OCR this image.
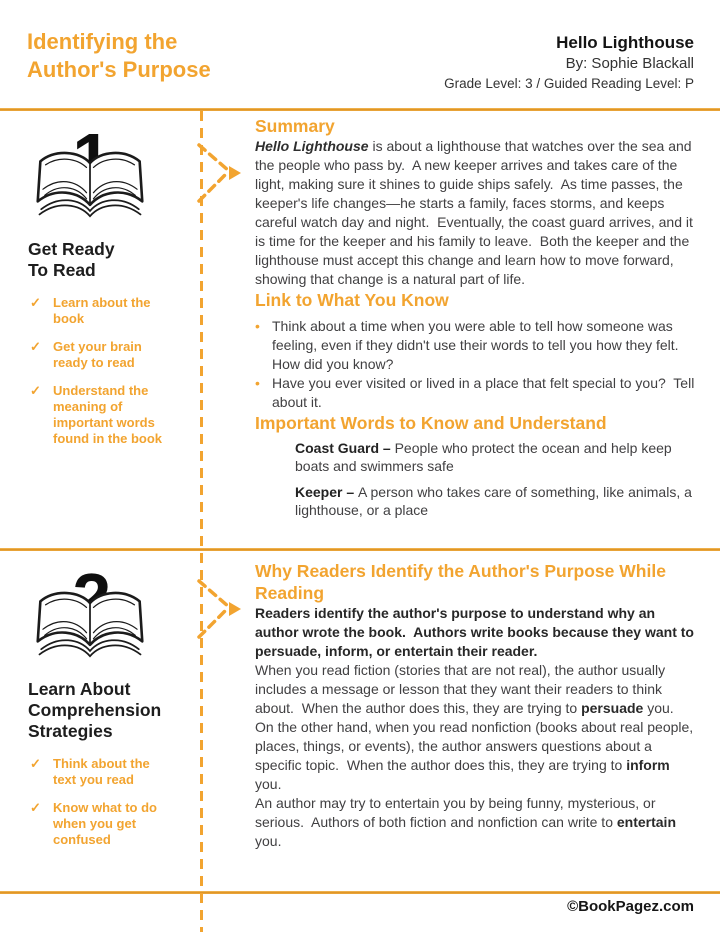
Identifying the Author's Purpose
Hello Lighthouse
By: Sophie Blackall
Grade Level: 3 / Guided Reading Level: P
Get Ready To Read
✓ Learn about the book
✓ Get your brain ready to read
✓ Understand the meaning of important words found in the book
Summary

Hello Lighthouse is about a lighthouse that watches over the sea and the people who pass by.  A new keeper arrives and takes care of the light, making sure it shines to guide ships safely.  As time passes, the keeper's life changes—he starts a family, faces storms, and keeps careful watch day and night.  Eventually, the coast guard arrives, and it is time for the keeper and his family to leave.  Both the keeper and the lighthouse must accept this change and learn how to move forward, showing that change is a natural part of life.

Link to What You Know
• Think about a time when you were able to tell how someone was feeling, even if they didn't use their words to tell you how they felt.  How did you know?
• Have you ever visited or lived in a place that felt special to you?  Tell about it.
Important Words to Know and Understand

Coast Guard – People who protect the ocean and help keep boats and swimmers safe

Keeper – A person who takes care of something, like animals, a lighthouse, or a place

Learn About Comprehension Strategies
✓ Think about the text you read
✓ Know what to do when you get confused
Why Readers Identify the Author's Purpose While Reading

Readers identify the author's purpose to understand why an author wrote the book.  Authors write books because they want to persuade, inform, or entertain their reader.

When you read fiction (stories that are not real), the author usually includes a message or lesson that they want their readers to think about.  When the author does this, they are trying to persuade you.

On the other hand, when you read nonfiction (books about real people, places, things, or events), the author answers questions about a specific topic.  When the author does this, they are trying to inform you.

An author may try to entertain you by being funny, mysterious, or serious.  Authors of both fiction and nonfiction can write to entertain you.

©BookPagez.com
